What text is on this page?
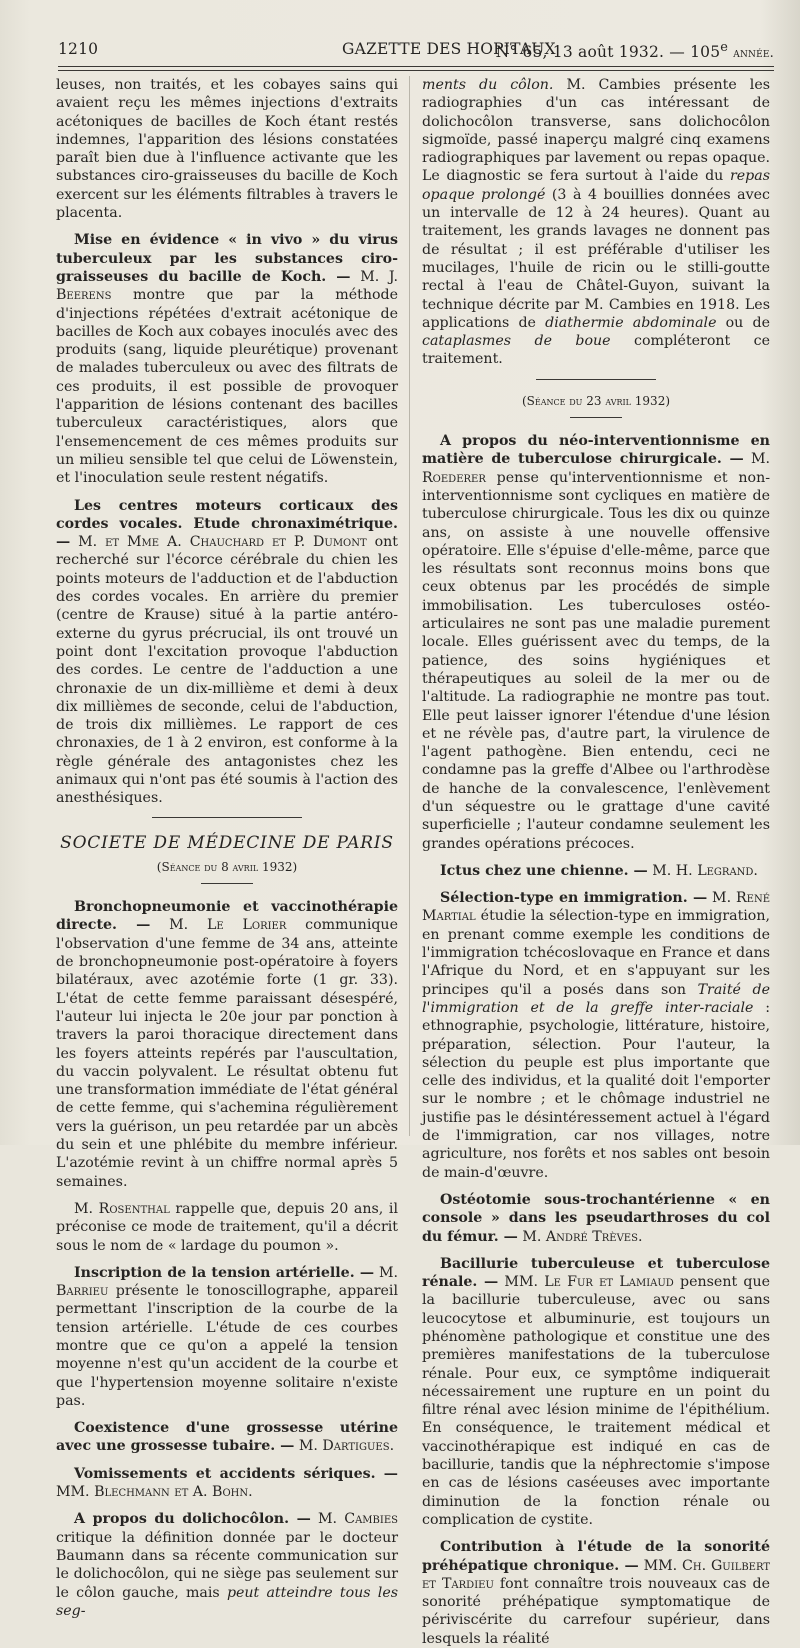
1210	GAZETTE DES HOPITAUX
N° 65, 13 août 1932. — 105e année.

leuses, non traités, et les cobayes sains qui avaient reçu les mêmes injections d'extraits acétoniques de bacilles de Koch étant restés indemnes, l'apparition des lésions constatées paraît bien due à l'influence activante que les substances ciro-graisseuses du bacille de Koch exercent sur les éléments filtrables à travers le placenta.

Mise en évidence « in vivo » du virus tuberculeux par les substances ciro-graisseuses du bacille de Koch. — M. J. Beerens montre que par la méthode d'injections répétées d'extrait acétonique de bacilles de Koch aux cobayes inoculés avec des produits (sang, liquide pleurétique) provenant de malades tuberculeux ou avec des filtrats de ces produits, il est possible de provoquer l'apparition de lésions contenant des bacilles tuberculeux caractéristiques, alors que l'ensemencement de ces mêmes produits sur un milieu sensible tel que celui de Löwenstein, et l'inoculation seule restent négatifs.

Les centres moteurs corticaux des cordes vocales. Etude chronaximétrique. — M. et Mme A. Chauchard et P. Dumont ont recherché sur l'écorce cérébrale du chien les points moteurs de l'adduction et de l'abduction des cordes vocales. En arrière du premier (centre de Krause) situé à la partie antéro-externe du gyrus précrucial, ils ont trouvé un point dont l'excitation provoque l'abduction des cordes. Le centre de l'adduction a une chronaxie de un dix-millième et demi à deux dix millièmes de seconde, celui de l'abduction, de trois dix millièmes. Le rapport de ces chronaxies, de 1 à 2 environ, est conforme à la règle générale des antagonistes chez les animaux qui n'ont pas été soumis à l'action des anesthésiques.

SOCIETE DE MÉDECINE DE PARIS
(Séance du 8 avril 1932)

Bronchopneumonie et vaccinothérapie directe. — M. Le Lorier communique l'observation d'une femme de 34 ans, atteinte de bronchopneumonie post-opératoire à foyers bilatéraux, avec azotémie forte (1 gr. 33). L'état de cette femme paraissant désespéré, l'auteur lui injecta le 20e jour par ponction à travers la paroi thoracique directement dans les foyers atteints repérés par l'auscultation, du vaccin polyvalent. Le résultat obtenu fut une transformation immédiate de l'état général de cette femme, qui s'achemina régulièrement vers la guérison, un peu retardée par un abcès du sein et une phlébite du membre inférieur. L'azotémie revint à un chiffre normal après 5 semaines.

M. Rosenthal rappelle que, depuis 20 ans, il préconise ce mode de traitement, qu'il a décrit sous le nom de « lardage du poumon ».

Inscription de la tension artérielle. — M. Barrieu présente le tonoscillographe, appareil permettant l'inscription de la courbe de la tension artérielle. L'étude de ces courbes montre que ce qu'on a appelé la tension moyenne n'est qu'un accident de la courbe et que l'hypertension moyenne solitaire n'existe pas.

Coexistence d'une grossesse utérine avec une grossesse tubaire. — M. Dartigues.

Vomissements et accidents sériques. — MM. Blechmann et A. Bohn.

A propos du dolichocôlon. — M. Cambies critique la définition donnée par le docteur Baumann dans sa récente communication sur le dolichocôlon, qui ne siège pas seulement sur le côlon gauche, mais peut atteindre tous les seg-

ments du côlon. M. Cambies présente les radiographies d'un cas intéressant de dolichocôlon transverse, sans dolichocôlon sigmoïde, passé inaperçu malgré cinq examens radiographiques par lavement ou repas opaque. Le diagnostic se fera surtout à l'aide du repas opaque prolongé (3 à 4 bouillies données avec un intervalle de 12 à 24 heures). Quant au traitement, les grands lavages ne donnent pas de résultat ; il est préférable d'utiliser les mucilages, l'huile de ricin ou le stilli-goutte rectal à l'eau de Châtel-Guyon, suivant la technique décrite par M. Cambies en 1918. Les applications de diathermie abdominale ou de cataplasmes de boue compléteront ce traitement.

(Séance du 23 avril 1932)

A propos du néo-interventionnisme en matière de tuberculose chirurgicale. — M. Roederer pense qu'interventionnisme et non-interventionnisme sont cycliques en matière de tuberculose chirurgicale. Tous les dix ou quinze ans, on assiste à une nouvelle offensive opératoire. Elle s'épuise d'elle-même, parce que les résultats sont reconnus moins bons que ceux obtenus par les procédés de simple immobilisation. Les tuberculoses ostéo-articulaires ne sont pas une maladie purement locale. Elles guérissent avec du temps, de la patience, des soins hygiéniques et thérapeutiques au soleil de la mer ou de l'altitude. La radiographie ne montre pas tout. Elle peut laisser ignorer l'étendue d'une lésion et ne révèle pas, d'autre part, la virulence de l'agent pathogène. Bien entendu, ceci ne condamne pas la greffe d'Albee ou l'arthrodèse de hanche de la convalescence, l'enlèvement d'un séquestre ou le grattage d'une cavité superficielle ; l'auteur condamne seulement les grandes opérations précoces.

Ictus chez une chienne. — M. H. Legrand.

Sélection-type en immigration. — M. René Martial étudie la sélection-type en immigration, en prenant comme exemple les conditions de l'immigration tchécoslovaque en France et dans l'Afrique du Nord, et en s'appuyant sur les principes qu'il a posés dans son Traité de l'immigration et de la greffe inter-raciale : ethnographie, psychologie, littérature, histoire, préparation, sélection. Pour l'auteur, la sélection du peuple est plus importante que celle des individus, et la qualité doit l'emporter sur le nombre ; et le chômage industriel ne justifie pas le désintéressement actuel à l'égard de l'immigration, car nos villages, notre agriculture, nos forêts et nos sables ont besoin de main-d'œuvre.

Ostéotomie sous-trochantérienne « en console » dans les pseudarthroses du col du fémur. — M. André Trèves.

Bacillurie tuberculeuse et tuberculose rénale. — MM. Le Fur et Lamiaud pensent que la bacillurie tuberculeuse, avec ou sans leucocytose et albuminurie, est toujours un phénomène pathologique et constitue une des premières manifestations de la tuberculose rénale. Pour eux, ce symptôme indiquerait nécessairement une rupture en un point du filtre rénal avec lésion minime de l'épithélium. En conséquence, le traitement médical et vaccinothérapique est indiqué en cas de bacillurie, tandis que la néphrectomie s'impose en cas de lésions caséeuses avec importante diminution de la fonction rénale ou complication de cystite.

Contribution à l'étude de la sonorité préhépatique chronique. — MM. Ch. Guilbert et Tardieu font connaître trois nouveaux cas de sonorité préhépatique symptomatique de périviscérite du carrefour supérieur, dans lesquels la réalité
